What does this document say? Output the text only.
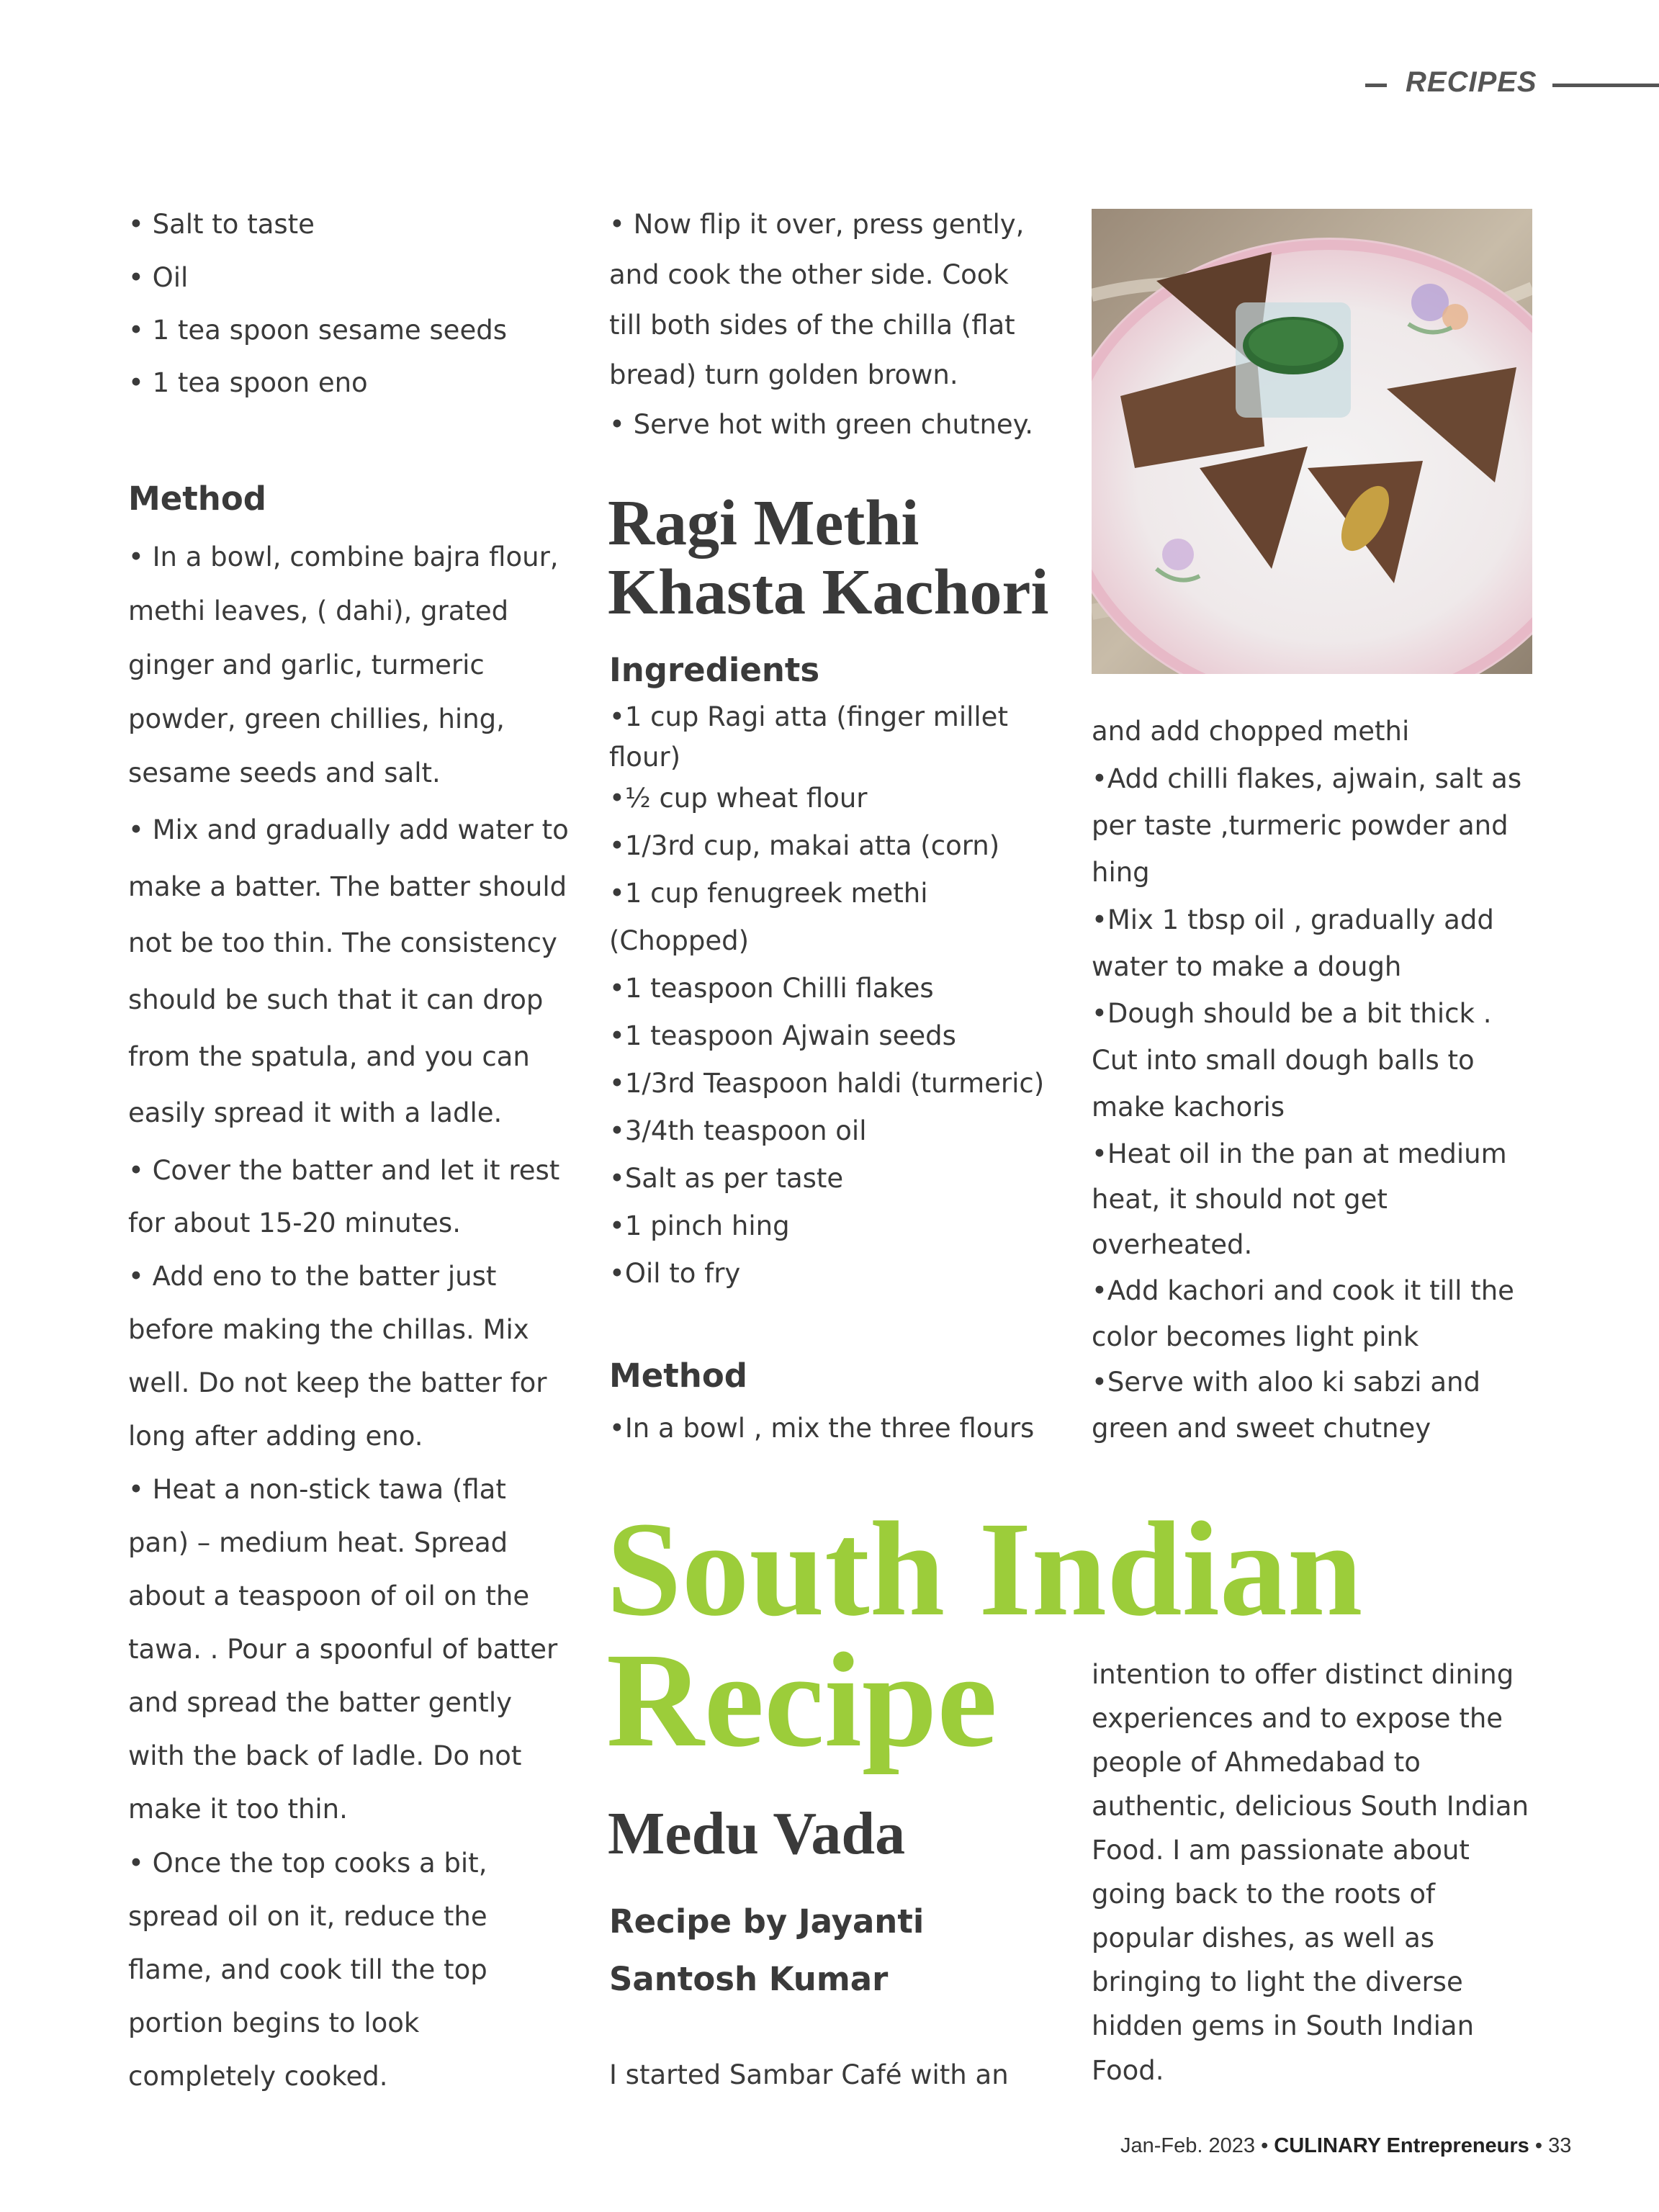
RECIPES
• Salt to taste
• Oil
• 1 tea spoon sesame seeds
• 1 tea spoon eno
Method
• In a bowl, combine bajra flour,
methi leaves, ( dahi), grated
ginger and garlic, turmeric
powder, green chillies, hing,
sesame seeds and salt.
• Mix and gradually add water to
make a batter. The batter should
not be too thin. The consistency
should be such that it can drop
from the spatula, and you can
easily spread it with a ladle.
• Cover the batter and let it rest
for about 15-20 minutes.
• Add eno to the batter just
before making the chillas. Mix
well. Do not keep the batter for
long after adding eno.
• Heat a non-stick tawa (flat
pan) – medium heat. Spread
about a teaspoon of oil on the
tawa. . Pour a spoonful of batter
and spread the batter gently
with the back of ladle. Do not
make it too thin.
• Once the top cooks a bit,
spread oil on it, reduce the
flame, and cook till the top
portion begins to look
completely cooked.
• Now flip it over, press gently,
and cook the other side. Cook
till both sides of the chilla (flat
bread) turn golden brown.
• Serve hot with green chutney.
Ragi Methi
Khasta Kachori
Ingredients
•1 cup Ragi atta (finger millet
flour)
•½ cup wheat flour
•1/3rd cup, makai atta (corn)
•1 cup fenugreek methi
(Chopped)
•1 teaspoon Chilli flakes
•1 teaspoon Ajwain seeds
•1/3rd Teaspoon haldi (turmeric)
•3/4th teaspoon oil
•Salt as per taste
•1 pinch hing
•Oil to fry
Method
•In a bowl , mix the three flours
and add chopped methi
•Add chilli flakes, ajwain, salt as
per taste ,turmeric powder and
hing
•Mix 1 tbsp oil , gradually add
water to make a dough
•Dough should be a bit thick .
Cut into small dough balls to
make kachoris
•Heat oil in the pan at medium
heat, it should not get
overheated.
•Add kachori and cook it till the
color becomes light pink
•Serve with aloo ki sabzi and
green and sweet chutney
South Indian
Recipe
Medu Vada
Recipe by Jayanti
Santosh Kumar
I started Sambar Café with an
intention to offer distinct dining
experiences and to expose the
people of Ahmedabad to
authentic, delicious South Indian
Food. I am passionate about
going back to the roots of
popular dishes, as well as
bringing to light the diverse
hidden gems in South Indian
Food.
Jan-Feb. 2023 • CULINARY Entrepreneurs • 33
